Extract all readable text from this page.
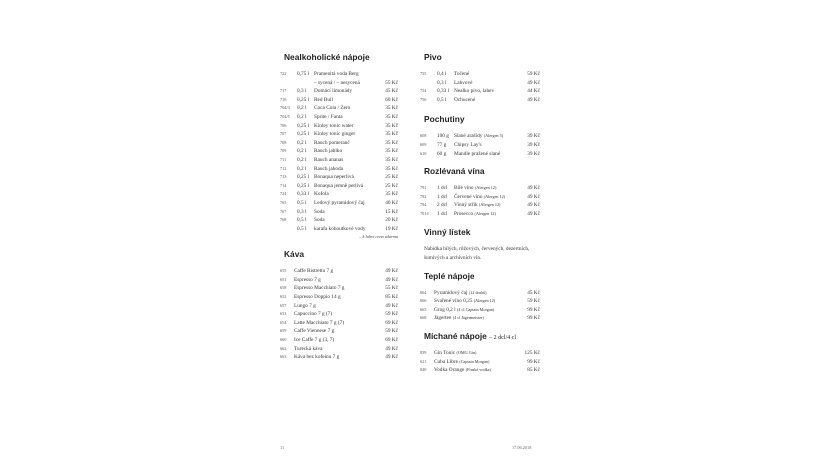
Nealkoholické nápoje
722	0,75 l Pramenitá voda Berg
– sycená / – nesycená	55 Kč
717	0,3 l Domácí limonády	45 Kč
718	0,25 l Red Bull	60 Kč
704/3	0,2 l Coca Cola / Zero	35 Kč
704/5	0,2 l Sprite / Fanta	35 Kč
706	0,25 l Kinley tonic water	35 Kč
707	0,25 l Kinley tonic ginger	35 Kč
708	0,2 l Rauch pomeranč	35 Kč
709	0,2 l Rauch jablko	35 Kč
711	0,2 l Rauch ananas	35 Kč
712	0,2 l Rauch jahoda	35 Kč
713	0,25 l Bonaqua neperlivá	25 Kč
714	0,25 l Bonaqua jemně perlivá	25 Kč
724	0,33 l Kofola	35 Kč
765	0,5 l Ledový pyramidový čaj	40 Kč
767	0,3 l Soda	15 Kč
768	0,5 l Soda	20 Kč
0,5 l karafa kohoutkové vody	19 Kč
– k lahvi cena zdarma
Káva
655	Caffe Ristretto 7 g	49 Kč
651	Espresso 7 g	49 Kč
658	Espresso Macchiato 7 g	55 Kč
652	Espresso Doppio 14 g	85 Kč
657	Lungo 7 g	49 Kč
653	Capuccino 7 g (7)	59 Kč
654	Latte Macchiato 7 g (7)	69 Kč
659	Caffe Viennese 7 g	59 Kč
660	Ice Caffe 7 g (3, 7)	69 Kč
662	Turecká káva	49 Kč
663	Káva bez kofeinu 7 g	49 Kč
Pivo
755	0,4 l Točené	59 Kč
0,3 l Lahvové	49 Kč
754	0,33 l Nealko pivo, lahev	44 Kč
756	0,5 l Ochucené	49 Kč
Pochutiny
608	100 g Slané arašídy (Alergen 5)	39 Kč
609	77 g Chipsy Lay's	39 Kč
610	60 g Mandle pražené slané	39 Kč
Rozlévaná vína
791	1 dcl Bílé víno (Alergen 12)	49 Kč
792	1 dcl Červené víno (Alergen 12)	49 Kč
794	2 dcl Vinný střik (Alergen 12)	49 Kč
7014	1 dcl Prosecco (Alergen 12)	49 Kč
Vinný lístek
Nabídka bílých, růžových, červených, dezertních, šumivých a archivních vín.
Teplé nápoje
664	Pyramidový čaj (12 druhů)	45 Kč
666	Svařené víno 0,25 (Alergen 12)	59 Kč
665	Grog 0,2 l (4 cl Captain Morgan)	99 Kč
668	Jägertee (4 cl Jägermeister)	99 Kč
Míchané nápoje – 2 dcl/4 cl
839	Gin Tonic (OMG Gin)	125 Kč
621	Cuba Libre (Captain Morgan)	99 Kč
840	Vodka Orange (Finské vodka)	85 Kč
11	17.06.2018
